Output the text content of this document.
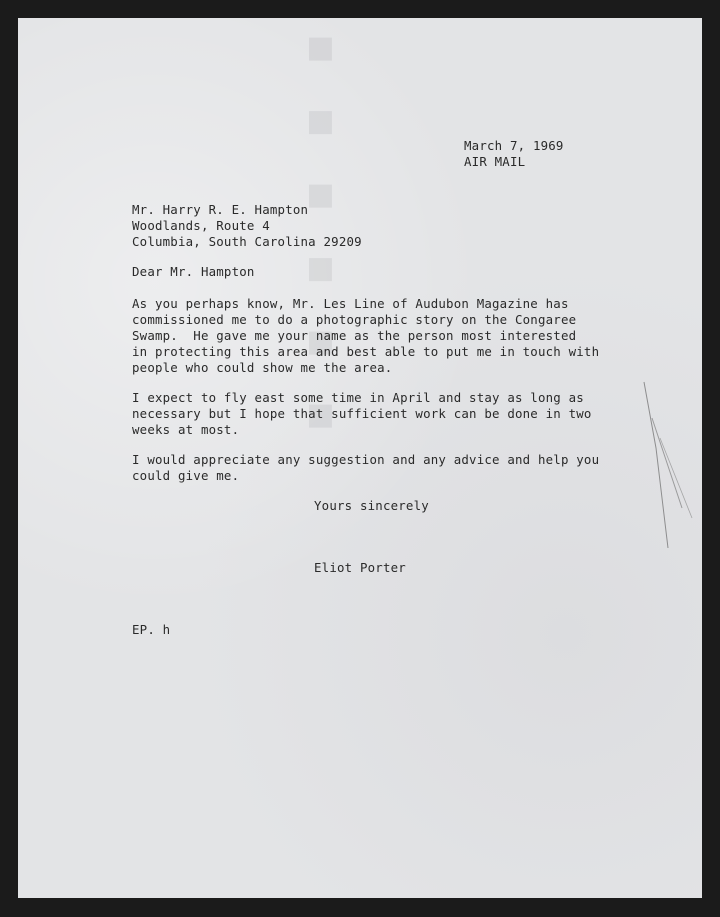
■ ■ ■ ■ ■ ■	March 7, 1969
AIR MAIL
Mr. Harry R. E. Hampton
Woodlands, Route 4
Columbia, South Carolina 29209
Dear Mr. Hampton
As you perhaps know, Mr. Les Line of Audubon Magazine has
commissioned me to do a photographic story on the Congaree
Swamp.  He gave me your name as the person most interested
in protecting this area and best able to put me in touch with
people who could show me the area.
I expect to fly east some time in April and stay as long as
necessary but I hope that sufficient work can be done in two
weeks at most.
I would appreciate any suggestion and any advice and help you
could give me.
Yours sincerely
Eliot Porter
EP. h
